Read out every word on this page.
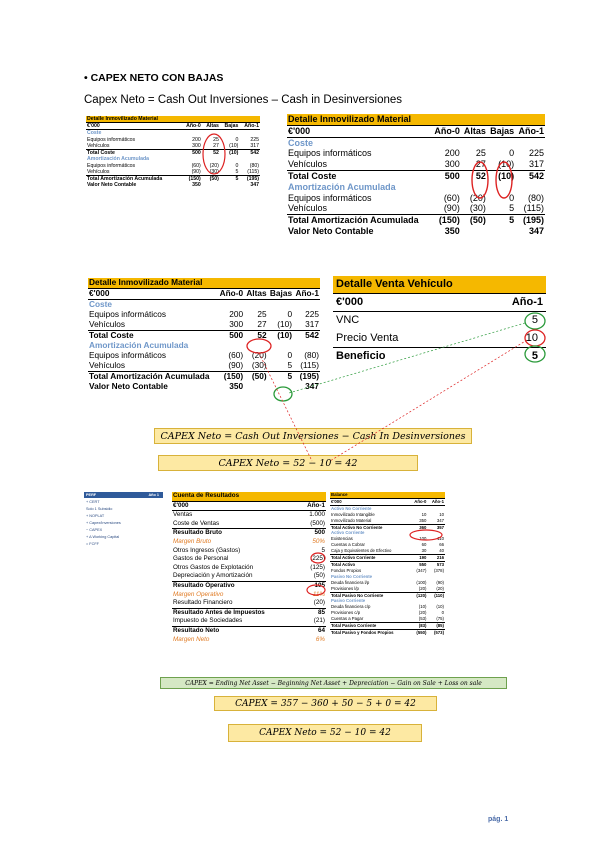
• CAPEX NETO CON BAJAS
Capex Neto = Cash Out Inversiones – Cash in Desinversiones
Detalle Inmovilizado Material				
€'000	Año-0	Altas	Bajas	Año-1
Coste				
Equipos informáticos	200	25	0	225
Vehículos	300	27	(10)	317
Total Coste	500	52	(10)	542
Amortización Acumulada				
Equipos informáticos	(60)	(20)	0	(80)
Vehículos	(90)	(30)	5	(115)
Total Amortización Acumulada	(150)	(50)	5	(195)
Valor Neto Contable	350			347
Detalle Inmovilizado Material				
€'000	Año-0	Altas	Bajas	Año-1
Coste				
Equipos informáticos	200	25	0	225
Vehículos	300	27	(10)	317
Total Coste	500	52	(10)	542
Amortización Acumulada				
Equipos informáticos	(60)	(20)	0	(80)
Vehículos	(90)	(30)	5	(115)
Total Amortización Acumulada	(150)	(50)	5	(195)
Valor Neto Contable	350			347
Detalle Inmovilizado Material				
€'000	Año-0	Altas	Bajas	Año-1
Coste				
Equipos informáticos	200	25	0	225
Vehículos	300	27	(10)	317
Total Coste	500	52	(10)	542
Amortización Acumulada				
Equipos informáticos	(60)	(20)	0	(80)
Vehículos	(90)	(30)	5	(115)
Total Amortización Acumulada	(150)	(50)	5	(195)
Valor Neto Contable	350			347
Detalle Venta Vehículo	
€'000	Año-1
VNC	5
Precio Venta	10
Beneficio	5
CAPEX Neto = Cash Out Inversiones − Cash In Desinversiones
CAPEX Neto = 52 − 10 = 42
PERF	Año 1
+ CERT
Solo 1 Subsidio
+ NOPLAT
+ Capex/Inversiones
− CAPEX
+ Δ Working Capital
= FCFF
Cuenta de Resultados	
€'000	Año-1
Ventas	1.000
Coste de Ventas	(500)
Resultado Bruto	500
Margen Bruto	50%
Otros Ingresos (Gastos)	5
Gastos de Personal	(225)
Otros Gastos de Explotación	(125)
Depreciación y Amortización	(50)
Resultado Operativo	105
Margen Operativo	11%
Resultado Financiero	(20)
Resultado Antes de Impuestos	85
Impuesto de Sociedades	(21)
Resultado Neto	64
Margen Neto	6%
Balance		
€'000	Año-0	Año-1
Activo No Corriente		
Inmovilizado Intangible	10	10
Inmovilizado Material	350	347
Total Activo No Corriente	360	357
Activo Corriente		
Existencias	100	110
Cuentas a Cobrar	60	66
Caja y Equivalentes de Efectivo	30	40
Total Activo Corriente	190	216
Total Activo	550	573
Fondos Propios	(347)	(378)
Pasivo No Corriente		
Deuda financiera l/p	(100)	(90)
Provisiones l/p	(20)	(20)
Total Pasivo No Corriente	(120)	(110)
Pasivo Corriente		
Deuda financiera c/p	(10)	(10)
Provisiones c/p	(20)	0
Cuentas a Pagar	(53)	(75)
Total Pasivo Corriente	(83)	(85)
Total Pasivo y Fondos Propios	(550)	(573)
CAPEX = Ending Net Asset − Beginning Net Asset + Depreciation − Gain on Sale + Loss on sale
CAPEX = 357 − 360 + 50 − 5 + 0 = 42
CAPEX Neto = 52 − 10 = 42
pág. 1
